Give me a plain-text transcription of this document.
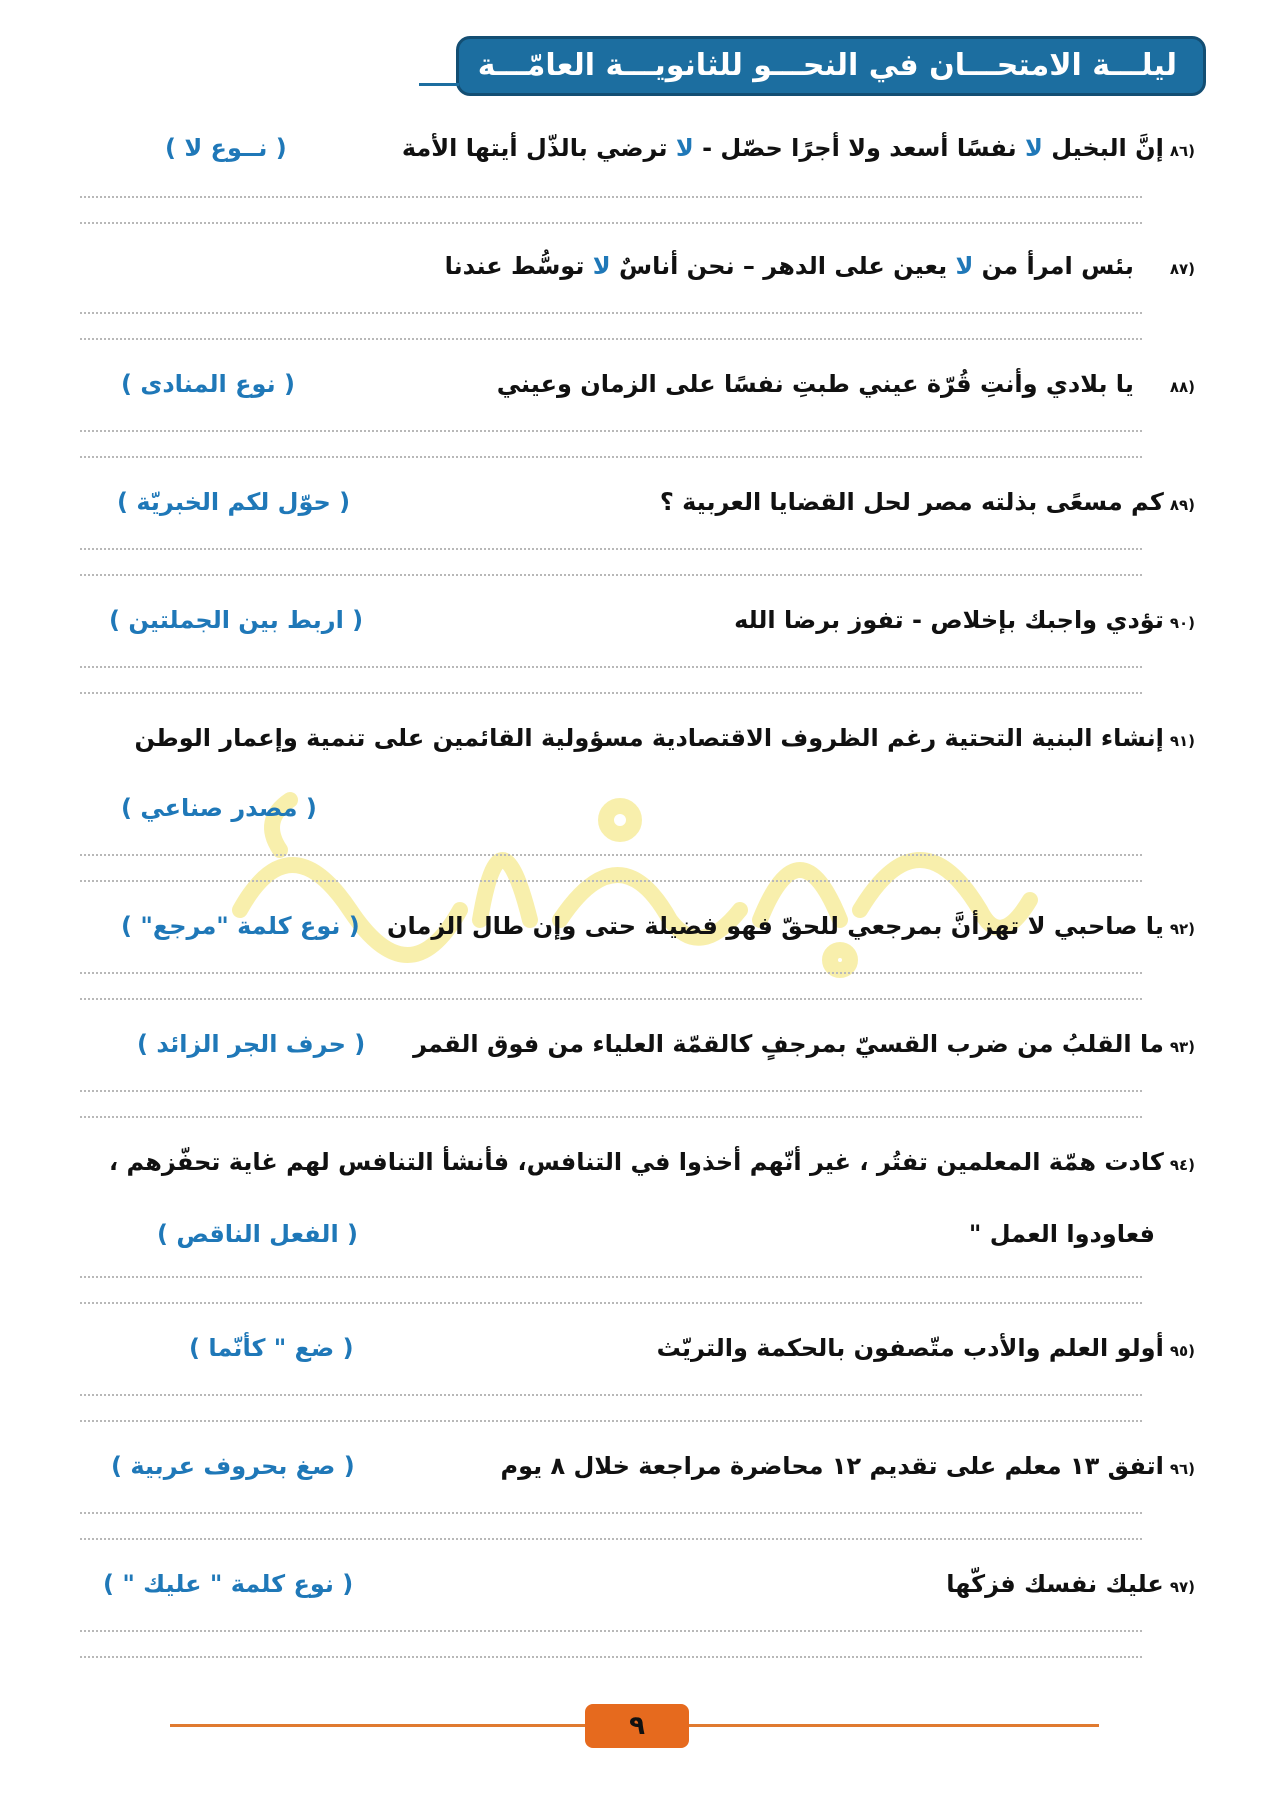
ليلـــة الامتحـــان في النحـــو للثانويـــة العامّـــة
(٨٦إنَّ البخيل لا نفسًا أسعد ولا أجرًا حصّل - لا ترضي بالذّل أيتها الأمة
( نــوع لا )
(٨٧بئس امرأ من لا يعين على الدهر – نحن أناسٌ لا توسُّط عندنا
(٨٨يا بلادي وأنتِ قُرّة عيني طبتِ نفسًا على الزمان وعيني
( نوع المنادى )
(٨٩كم مسعًى بذلته مصر لحل القضايا العربية ؟
( حوّل لكم الخبريّة )
(٩٠تؤدي واجبك بإخلاص - تفوز برضا الله
( اربط بين الجملتين )
(٩١إنشاء البنية التحتية رغم الظروف الاقتصادية مسؤولية القائمين على تنمية وإعمار الوطن
( مصدر صناعي )
(٩٢يا صاحبي لا تهزأنَّ بمرجعي للحقّ فهو فضيلة حتى وإن طال الزمان
( نوع كلمة "مرجع" )
(٩٣ما القلبُ من ضرب القسيّ بمرجفٍ كالقمّة العلياء من فوق القمر
( حرف الجر الزائد )
(٩٤كادت همّة المعلمين تفتُر ، غير أنّهم أخذوا في التنافس، فأنشأ التنافس لهم غاية تحفّزهم ،
فعاودوا العمل "
( الفعل الناقص )
(٩٥أولو العلم والأدب متّصفون بالحكمة والتريّث
( ضع " كأنّما )
(٩٦اتفق ١٣ معلم على تقديم ١٢ محاضرة مراجعة خلال ٨ يوم
( صغ بحروف عربية )
(٩٧عليك نفسك فزكّها
( نوع كلمة " عليك " )
٩
